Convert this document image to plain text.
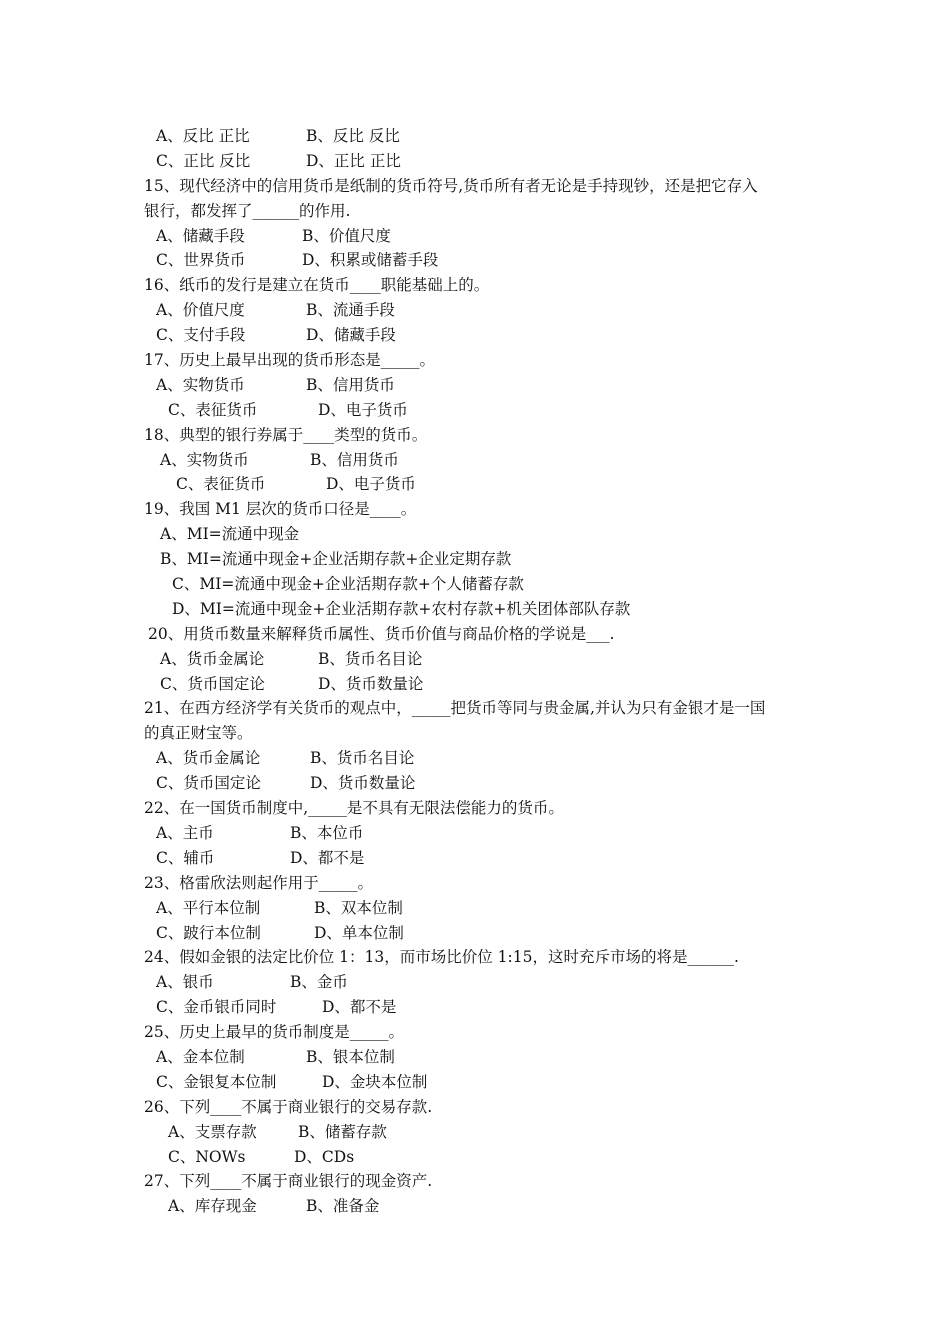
A、反比 正比	B、反比 反比
C、正比 反比	D、正比 正比
15、现代经济中的信用货币是纸制的货币符号,货币所有者无论是手持现钞，还是把它存入
银行，都发挥了______的作用.
A、储藏手段	B、价值尺度
C、世界货币	D、积累或储蓄手段
16、纸币的发行是建立在货币____职能基础上的。
A、价值尺度	B、流通手段
C、支付手段	D、储藏手段
17、历史上最早出现的货币形态是_____。
A、实物货币	B、信用货币
C、表征货币	D、电子货币
18、典型的银行券属于____类型的货币。
A、实物货币	B、信用货币
C、表征货币	D、电子货币
19、我国 M1 层次的货币口径是____。
A、MI=流通中现金
B、MI=流通中现金+企业活期存款+企业定期存款
C、MI=流通中现金+企业活期存款+个人储蓄存款
D、MI=流通中现金+企业活期存款+农村存款+机关团体部队存款
20、用货币数量来解释货币属性、货币价值与商品价格的学说是___.
A、货币金属论	B、货币名目论
C、货币国定论	D、货币数量论
21、在西方经济学有关货币的观点中，_____把货币等同与贵金属,并认为只有金银才是一国
的真正财宝等。
A、货币金属论	B、货币名目论
C、货币国定论	D、货币数量论
22、在一国货币制度中,_____是不具有无限法偿能力的货币。
A、主币	B、本位币
C、辅币	D、都不是
23、格雷欣法则起作用于_____。
A、平行本位制	B、双本位制
C、跛行本位制	D、单本位制
24、假如金银的法定比价位 1：13，而市场比价位 1:15，这时充斥市场的将是______.
A、银币	B、金币
C、金币银币同时	D、都不是
25、历史上最早的货币制度是_____。
A、金本位制	B、银本位制
C、金银复本位制	D、金块本位制
26、下列____不属于商业银行的交易存款.
A、支票存款	B、储蓄存款
C、NOWs	D、CDs
27、下列____不属于商业银行的现金资产.
A、库存现金	B、准备金
